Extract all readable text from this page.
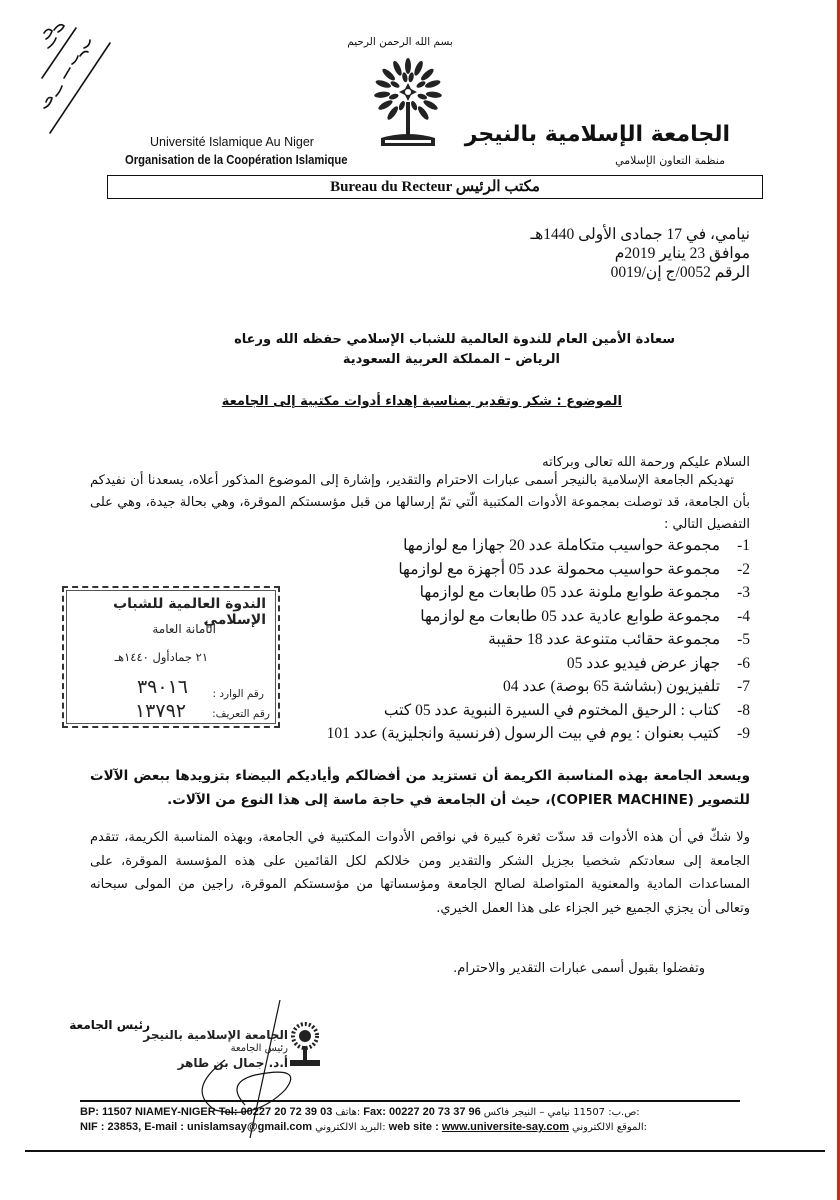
بسم الله الرحمن الرحيم
Université Islamique Au Niger
Organisation de la Coopération Islamique
الجامعة الإسلامية بالنيجر
منظمة التعاون الإسلامي
Bureau du Recteur مكتب الرئيس
نيامي، في 17 جمادى الأولى 1440هـ
موافق 23 يناير 2019م
الرقم 0052/ج إن/0019
سعادة الأمين العام للندوة العالمية للشباب الإسلامي حفظه الله ورعاه
الرياض – المملكة العربية السعودية
الموضوع : شكر وتقدير بمناسبة إهداء أدوات مكتبية إلى الجامعة
السلام عليكم ورحمة الله تعالى وبركاته
تهديكم الجامعة الإسلامية بالنيجر أسمى عبارات الاحترام والتقدير، وإشارة إلى الموضوع المذكور أعلاه، يسعدنا أن نفيدكم بأن الجامعة، قد توصلت بمجموعة الأدوات المكتبية الّتي تمّ إرسالها من قبل مؤسستكم الموقرة، وهي بحالة جيدة، وهي على التفصيل التالي :
1- مجموعة حواسيب متكاملة عدد 20 جهازا مع لوازمها
2- مجموعة حواسيب محمولة عدد 05 أجهزة مع لوازمها
3- مجموعة طوابع ملونة عدد 05 طابعات مع لوازمها
4- مجموعة طوابع عادية عدد 05 طابعات مع لوازمها
5- مجموعة حقائب متنوعة عدد 18 حقيبة
6- جهاز عرض فيديو عدد 05
7- تلفيزيون (بشاشة 65 بوصة) عدد 04
8- كتاب : الرحيق المختوم في السيرة النبوية عدد 05 كتب
9- كتيب بعنوان : يوم في بيت الرسول (فرنسية وانجليزية) عدد 101
ويسعد الجامعة بهذه المناسبة الكريمة أن تستزيد من أفضالكم وأياديكم البيضاء بتزويدها ببعض الآلات للتصوير (COPIER MACHINE)، حيث أن الجامعة في حاجة ماسة إلى هذا النوع من الآلات.
ولا شكّ في أن هذه الأدوات قد سدّت ثغرة كبيرة في نواقص الأدوات المكتبية في الجامعة، وبهذه المناسبة الكريمة، تتقدم الجامعة إلى سعادتكم شخصيا بجزيل الشكر والتقدير ومن خلالكم لكل القائمين على هذه المؤسسة الموقرة، على المساعدات المادية والمعنوية المتواصلة لصالح الجامعة ومؤسساتها من مؤسستكم الموقرة، راجين من المولى سبحانه وتعالى أن يجزي الجميع خير الجزاء على هذا العمل الخيري.
وتفضلوا بقبول أسمى عبارات التقدير والاحترام.
الندوة العالمية للشباب الإسلامي
الأمانة العامة
٢١ جمادأول ١٤٤٠هـ
رقم الوارد :
٣٩٠١٦
رقم التعريف:
١٣٧٩٢
رئيس الجامعة
الجامعة الإسلامية بالنيجر
رئيس الجامعة
أ.د. جمال بن طاهر
BP: 11507 NIAMEY-NIGER Tel: 00227 20 72 39 03 هاتف: Fax: 00227 20 73 37 96 ص.ب: 11507 نيامي – النيجر فاكس:
NIF : 23853, E-mail : unislamsay@gmail.com البريد الالكتروني: web site : www.universite-say.com الموقع الالكتروني:
